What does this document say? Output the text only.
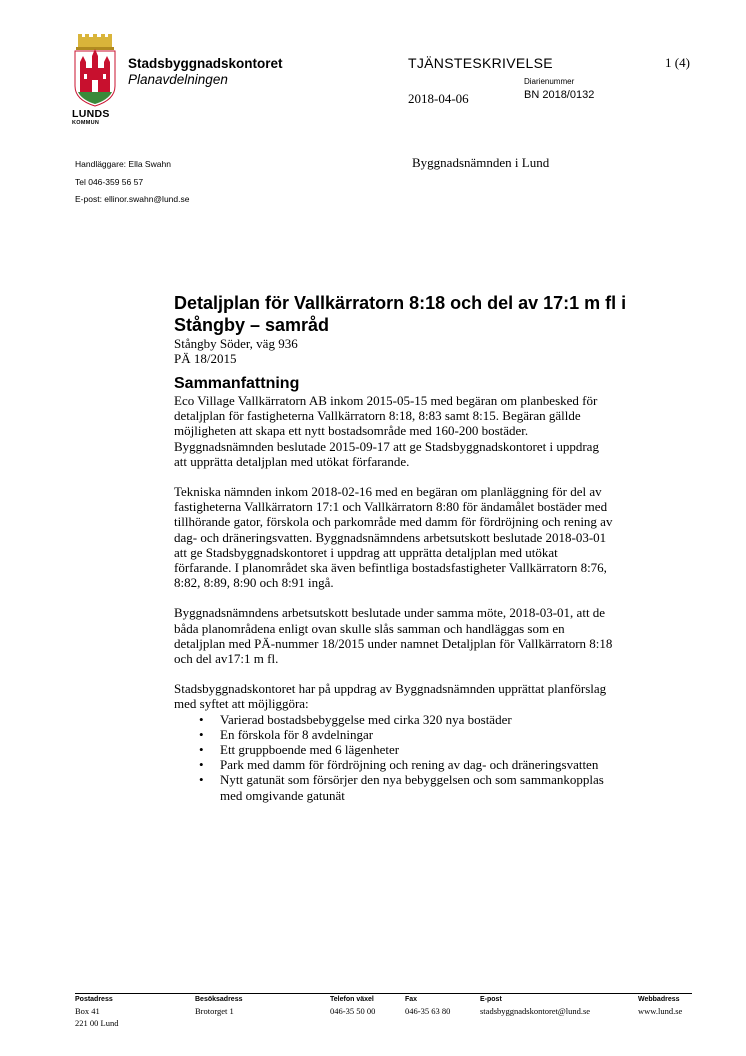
LUNDS
KOMMUN
Stadsbyggnadskontoret
Planavdelningen
TJÄNSTESKRIVELSE	1 (4)
Diarienummer
2018-04-06	BN 2018/0132
Handläggare: Ella Swahn
Tel 046-359 56 57
E-post: ellinor.swahn@lund.se
Byggnadsnämnden i Lund
Detaljplan för Vallkärratorn 8:18 och del av 17:1 m fl i Stångby – samråd
Stångby Söder, väg 936
PÄ 18/2015
Sammanfattning

Eco Village Vallkärratorn AB inkom 2015-05-15 med begäran om planbesked för detaljplan för fastigheterna Vallkärratorn 8:18, 8:83 samt 8:15. Begäran gällde möjligheten att skapa ett nytt bostadsområde med 160-200 bostäder. Byggnadsnämnden beslutade 2015-09-17 att ge Stadsbyggnadskontoret i uppdrag att upprätta detaljplan med utökat förfarande.

Tekniska nämnden inkom 2018-02-16 med en begäran om planläggning för del av fastigheterna Vallkärratorn 17:1 och Vallkärratorn 8:80 för ändamålet bostäder med tillhörande gator, förskola och parkområde med damm för fördröjning och rening av dag- och dräneringsvatten. Byggnadsnämndens arbetsutskott beslutade 2018-03-01 att ge Stadsbyggnadskontoret i uppdrag att upprätta detaljplan med utökat förfarande. I planområdet ska även befintliga bostadsfastigheter Vallkärratorn 8:76, 8:82, 8:89, 8:90 och 8:91 ingå.

Byggnadsnämndens arbetsutskott beslutade under samma möte, 2018-03-01, att de båda planområdena enligt ovan skulle slås samman och handläggas som en detaljplan med PÄ-nummer 18/2015 under namnet Detaljplan för Vallkärratorn 8:18 och del av17:1 m fl.

Stadsbyggnadskontoret har på uppdrag av Byggnadsnämnden upprättat planförslag med syftet att möjliggöra:

• Varierad bostadsbebyggelse med cirka 320 nya bostäder
• En förskola för 8 avdelningar
• Ett gruppboende med 6 lägenheter
• Park med damm för fördröjning och rening av dag- och dräneringsvatten
• Nytt gatunät som försörjer den nya bebyggelsen och som sammankopplas med omgivande gatunät
Postadress
Box 41
221 00 Lund
Besöksadress
Brotorget 1
Telefon växel
046-35 50 00
Fax
046-35 63 80
E-post
stadsbyggnadskontoret@lund.se
Webbadress
www.lund.se
